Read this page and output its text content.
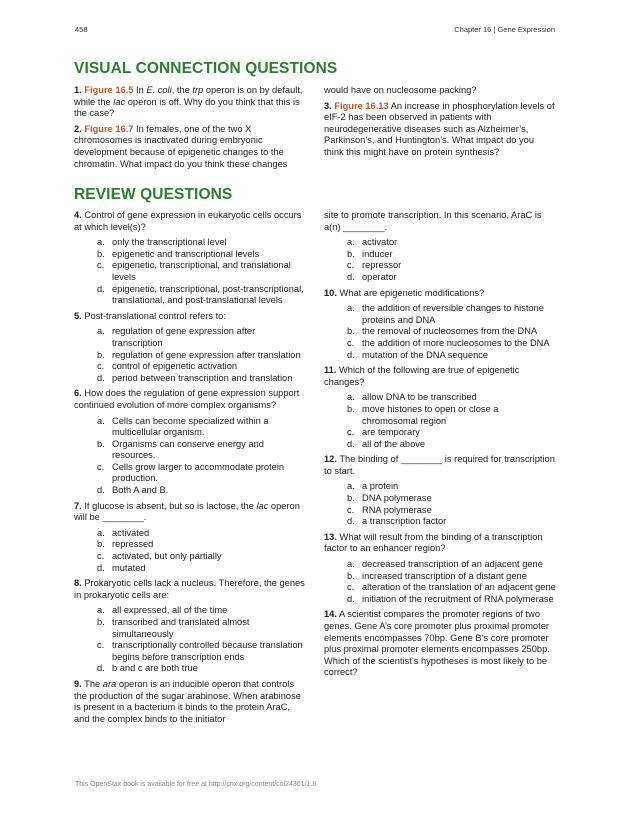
458	Chapter 16 | Gene Expression
VISUAL CONNECTION QUESTIONS

1. Figure 16.5 In E. coli, the trp operon is on by default, while the lac operon is off. Why do you think that this is the case?

2. Figure 16.7 In females, one of the two X chromosomes is inactivated during embryonic development because of epigenetic changes to the chromatin. What impact do you think these changes

would have on nucleosome packing?

3. Figure 16.13 An increase in phosphorylation levels of eIF-2 has been observed in patients with neurodegenerative diseases such as Alzheimer’s, Parkinson’s, and Huntington’s. What impact do you think this might have on protein synthesis?

REVIEW QUESTIONS

4. Control of gene expression in eukaryotic cells occurs at which level(s)?

a. only the transcriptional level
b. epigenetic and transcriptional levels
c. epigenetic, transcriptional, and translational levels
d. epigenetic, transcriptional, post-transcriptional, translational, and post-translational levels

5. Post-translational control refers to:

a. regulation of gene expression after transcription
b. regulation of gene expression after translation
c. control of epigenetic activation
d. period between transcription and translation

6. How does the regulation of gene expression support continued evolution of more complex organisms?

a. Cells can become specialized within a multicellular organism.
b. Organisms can conserve energy and resources.
c. Cells grow larger to accommodate protein production.
d. Both A and B.

7. If glucose is absent, but so is lactose, the lac operon will be ________.

a. activated
b. repressed
c. activated, but only partially
d. mutated

8. Prokaryotic cells lack a nucleus. Therefore, the genes in prokaryotic cells are:

a. all expressed, all of the time
b. transcribed and translated almost simultaneously
c. transcriptionally controlled because translation begins before transcription ends
d. b and c are both true

9. The ara operon is an inducible operon that controls the production of the sugar arabinose. When arabinose is present in a bacterium it binds to the protein AraC, and the complex binds to the initiator

site to promote transcription. In this scenario, AraC is a(n) ________.

a. activator
b. inducer
c. repressor
d. operator

10. What are epigenetic modifications?

a. the addition of reversible changes to histone proteins and DNA
b. the removal of nucleosomes from the DNA
c. the addition of more nucleosomes to the DNA
d. mutation of the DNA sequence

11. Which of the following are true of epigenetic changes?

a. allow DNA to be transcribed
b. move histones to open or close a chromosomal region
c. are temporary
d. all of the above

12. The binding of ________ is required for transcription to start.

a. a protein
b. DNA polymerase
c. RNA polymerase
d. a transcription factor

13. What will result from the binding of a transcription factor to an enhancer region?

a. decreased transcription of an adjacent gene
b. increased transcription of a distant gene
c. alteration of the translation of an adjacent gene
d. initiation of the recruitment of RNA polymerase

14. A scientist compares the promoter regions of two genes. Gene A’s core promoter plus proximal promoter elements encompasses 70bp. Gene B’s core promoter plus proximal promoter elements encompasses 250bp. Which of the scientist’s hypotheses is most likely to be correct?

This OpenStax book is available for free at http://cnx.org/content/col24361/1.8
